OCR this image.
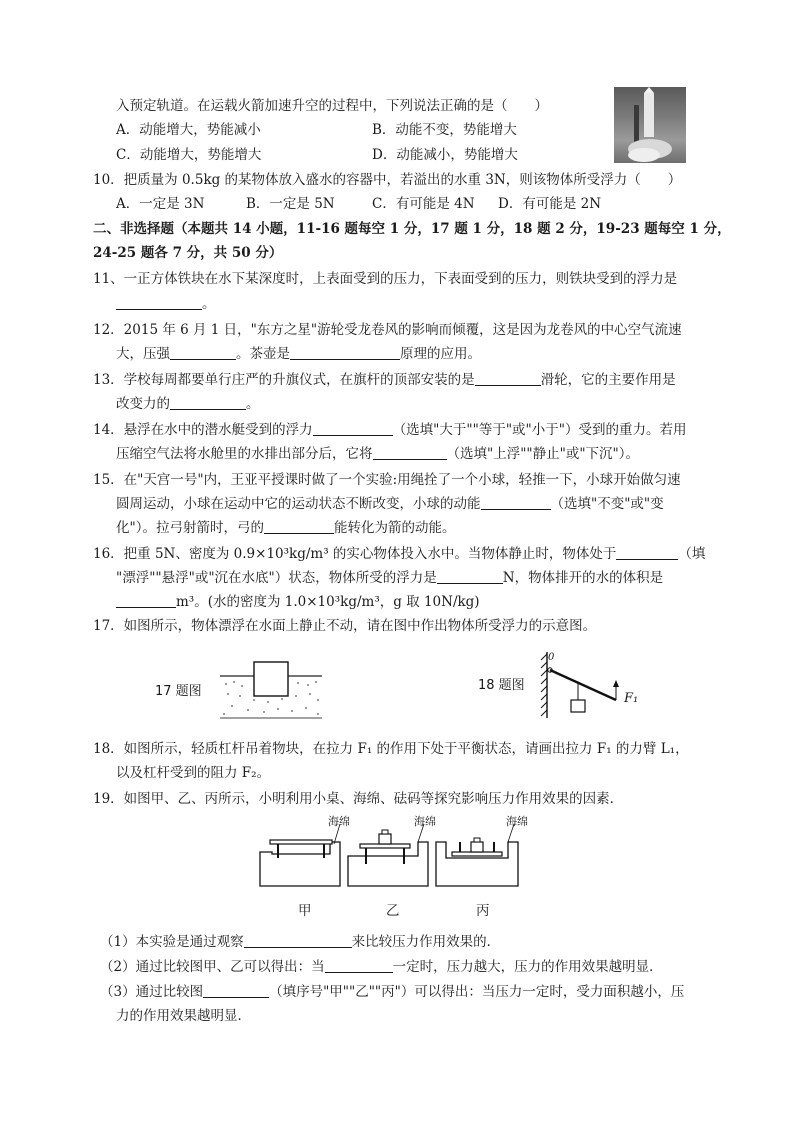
入预定轨道。在运载火箭加速升空的过程中，下列说法正确的是（　　）
A．动能增大，势能减小	B．动能不变，势能增大
C．动能增大，势能增大	D．动能减小，势能增大
10．把质量为 0.5kg 的某物体放入盛水的容器中，若溢出的水重 3N，则该物体所受浮力（　　）
A．一定是 3N	B．一定是 5N	C．有可能是 4N D．有可能是 2N
二、非选择题（本题共 14 小题，11-16 题每空 1 分，17 题 1 分，18 题 2 分，19-23 题每空 1 分，
24-25 题各 7 分，共 50 分）
11、一正方体铁块在水下某深度时，上表面受到的压力，下表面受到的压力，则铁块受到的浮力是
。
12．2015 年 6 月 1 日，"东方之星"游轮受龙卷风的影响而倾覆，这是因为龙卷风的中心空气流速
大，压强	。茶壶是	原理的应用。
13．学校每周都要单行庄严的升旗仪式，在旗杆的顶部安装的是	滑轮，它的主要作用是
改变力的	。
14．悬浮在水中的潜水艇受到的浮力	（选填"大于""等于"或"小于"）受到的重力。若用
压缩空气法将水舱里的水排出部分后，它将	（选填"上浮""静止"或"下沉"）。
15．在"天宫一号"内，王亚平授课时做了一个实验:用绳拴了一个小球，轻推一下，小球开始做匀速
圆周运动，小球在运动中它的运动状态不断改变，小球的动能	（选填"不变"或"变
化"）。拉弓射箭时，弓的	能转化为箭的动能。
16．把重 5N、密度为 0.9×10³kg/m³ 的实心物体投入水中。当物体静止时，物体处于	（填
"漂浮""悬浮"或"沉在水底"）状态，物体所受的浮力是	N，物体排开的水的体积是
m³。(水的密度为 1.0×10³kg/m³，g 取 10N/kg)
17．如图所示，物体漂浮在水面上静止不动，请在图中作出物体所受浮力的示意图。
17 题图	18 题图
0
F₁
18．如图所示，轻质杠杆吊着物块，在拉力 F₁ 的作用下处于平衡状态，请画出拉力 F₁ 的力臂 L₁，
以及杠杆受到的阻力 F₂。
19．如图甲、乙、丙所示，小明利用小桌、海绵、砝码等探究影响压力作用效果的因素．
海绵	海绵	海绵
甲	乙	丙
（1）本实验是通过观察	来比较压力作用效果的．
（2）通过比较图甲、乙可以得出：当	一定时，压力越大，压力的作用效果越明显．
（3）通过比较图	（填序号"甲""乙""丙"）可以得出：当压力一定时，受力面积越小，压
力的作用效果越明显．
